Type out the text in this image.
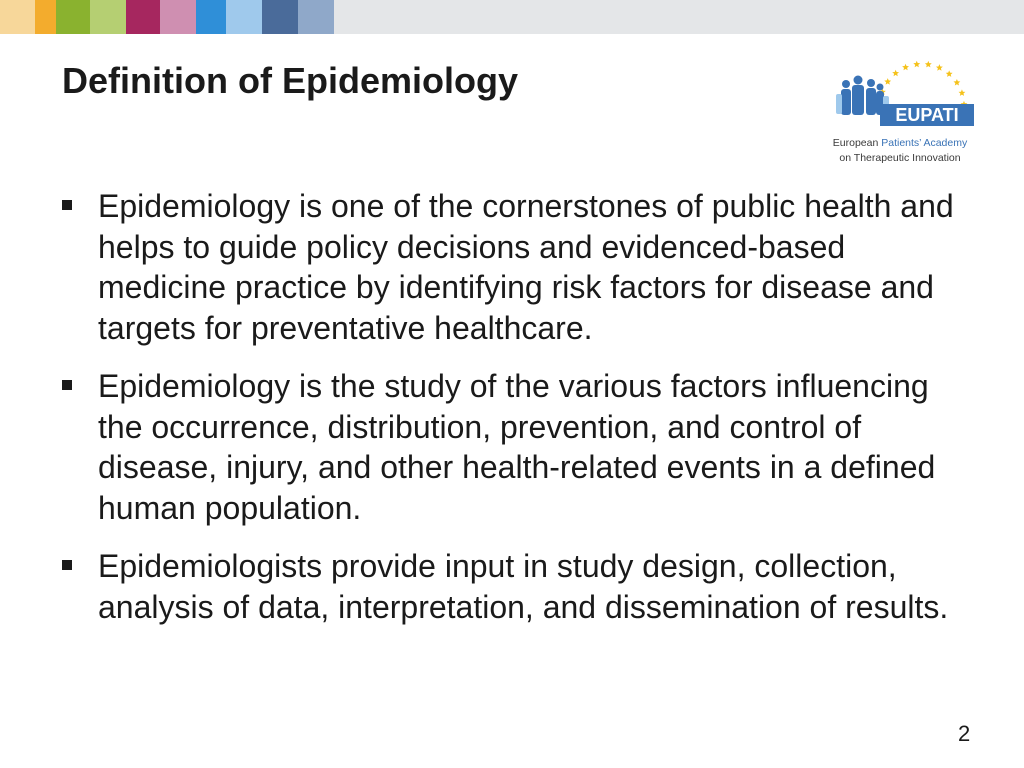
Definition of Epidemiology
EUPATI
European Patients’ Academy
on Therapeutic Innovation
Epidemiology is one of the cornerstones of public health and helps to guide policy decisions and evidenced-based medicine practice by identifying risk factors for disease and targets for preventative healthcare.
Epidemiology is the study of the various factors influencing the occurrence, distribution, prevention, and control of disease, injury, and other health-related events in a defined human population.
Epidemiologists provide input in study design, collection, analysis of data, interpretation, and dissemination of results.
2
